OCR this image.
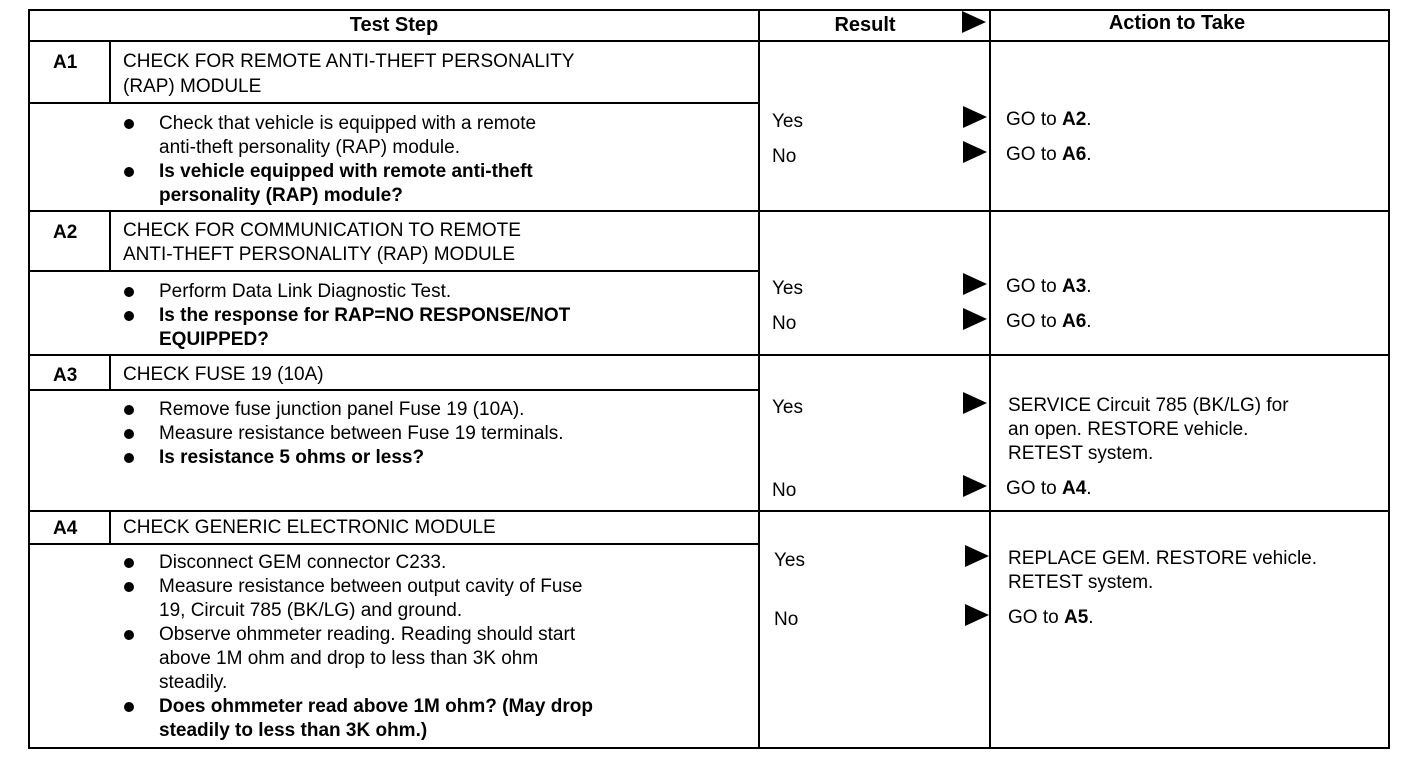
Test Step	Result	Action to Take
A1 CHECK FOR REMOTE ANTI-THEFT PERSONALITY
(RAP) MODULE
Check that vehicle is equipped with a remote
anti-theft personality (RAP) module.
Is vehicle equipped with remote anti-theft
personality (RAP) module?
Yes	GO to A2.
No	GO to A6.
A2 CHECK FOR COMMUNICATION TO REMOTE
ANTI-THEFT PERSONALITY (RAP) MODULE
Perform Data Link Diagnostic Test.
Is the response for RAP=NO RESPONSE/NOT
EQUIPPED?
Yes	GO to A3.
No	GO to A6.
A3 CHECK FUSE 19 (10A)
Remove fuse junction panel Fuse 19 (10A).
Measure resistance between Fuse 19 terminals.
Is resistance 5 ohms or less?
Yes	SERVICE Circuit 785 (BK/LG) for
an open. RESTORE vehicle.
RETEST system.
No	GO to A4.
A4 CHECK GENERIC ELECTRONIC MODULE
Disconnect GEM connector C233.
Measure resistance between output cavity of Fuse
19, Circuit 785 (BK/LG) and ground.
Observe ohmmeter reading. Reading should start
above 1M ohm and drop to less than 3K ohm
steadily.
Does ohmmeter read above 1M ohm? (May drop
steadily to less than 3K ohm.)
Yes	REPLACE GEM. RESTORE vehicle.
RETEST system.
No	GO to A5.
